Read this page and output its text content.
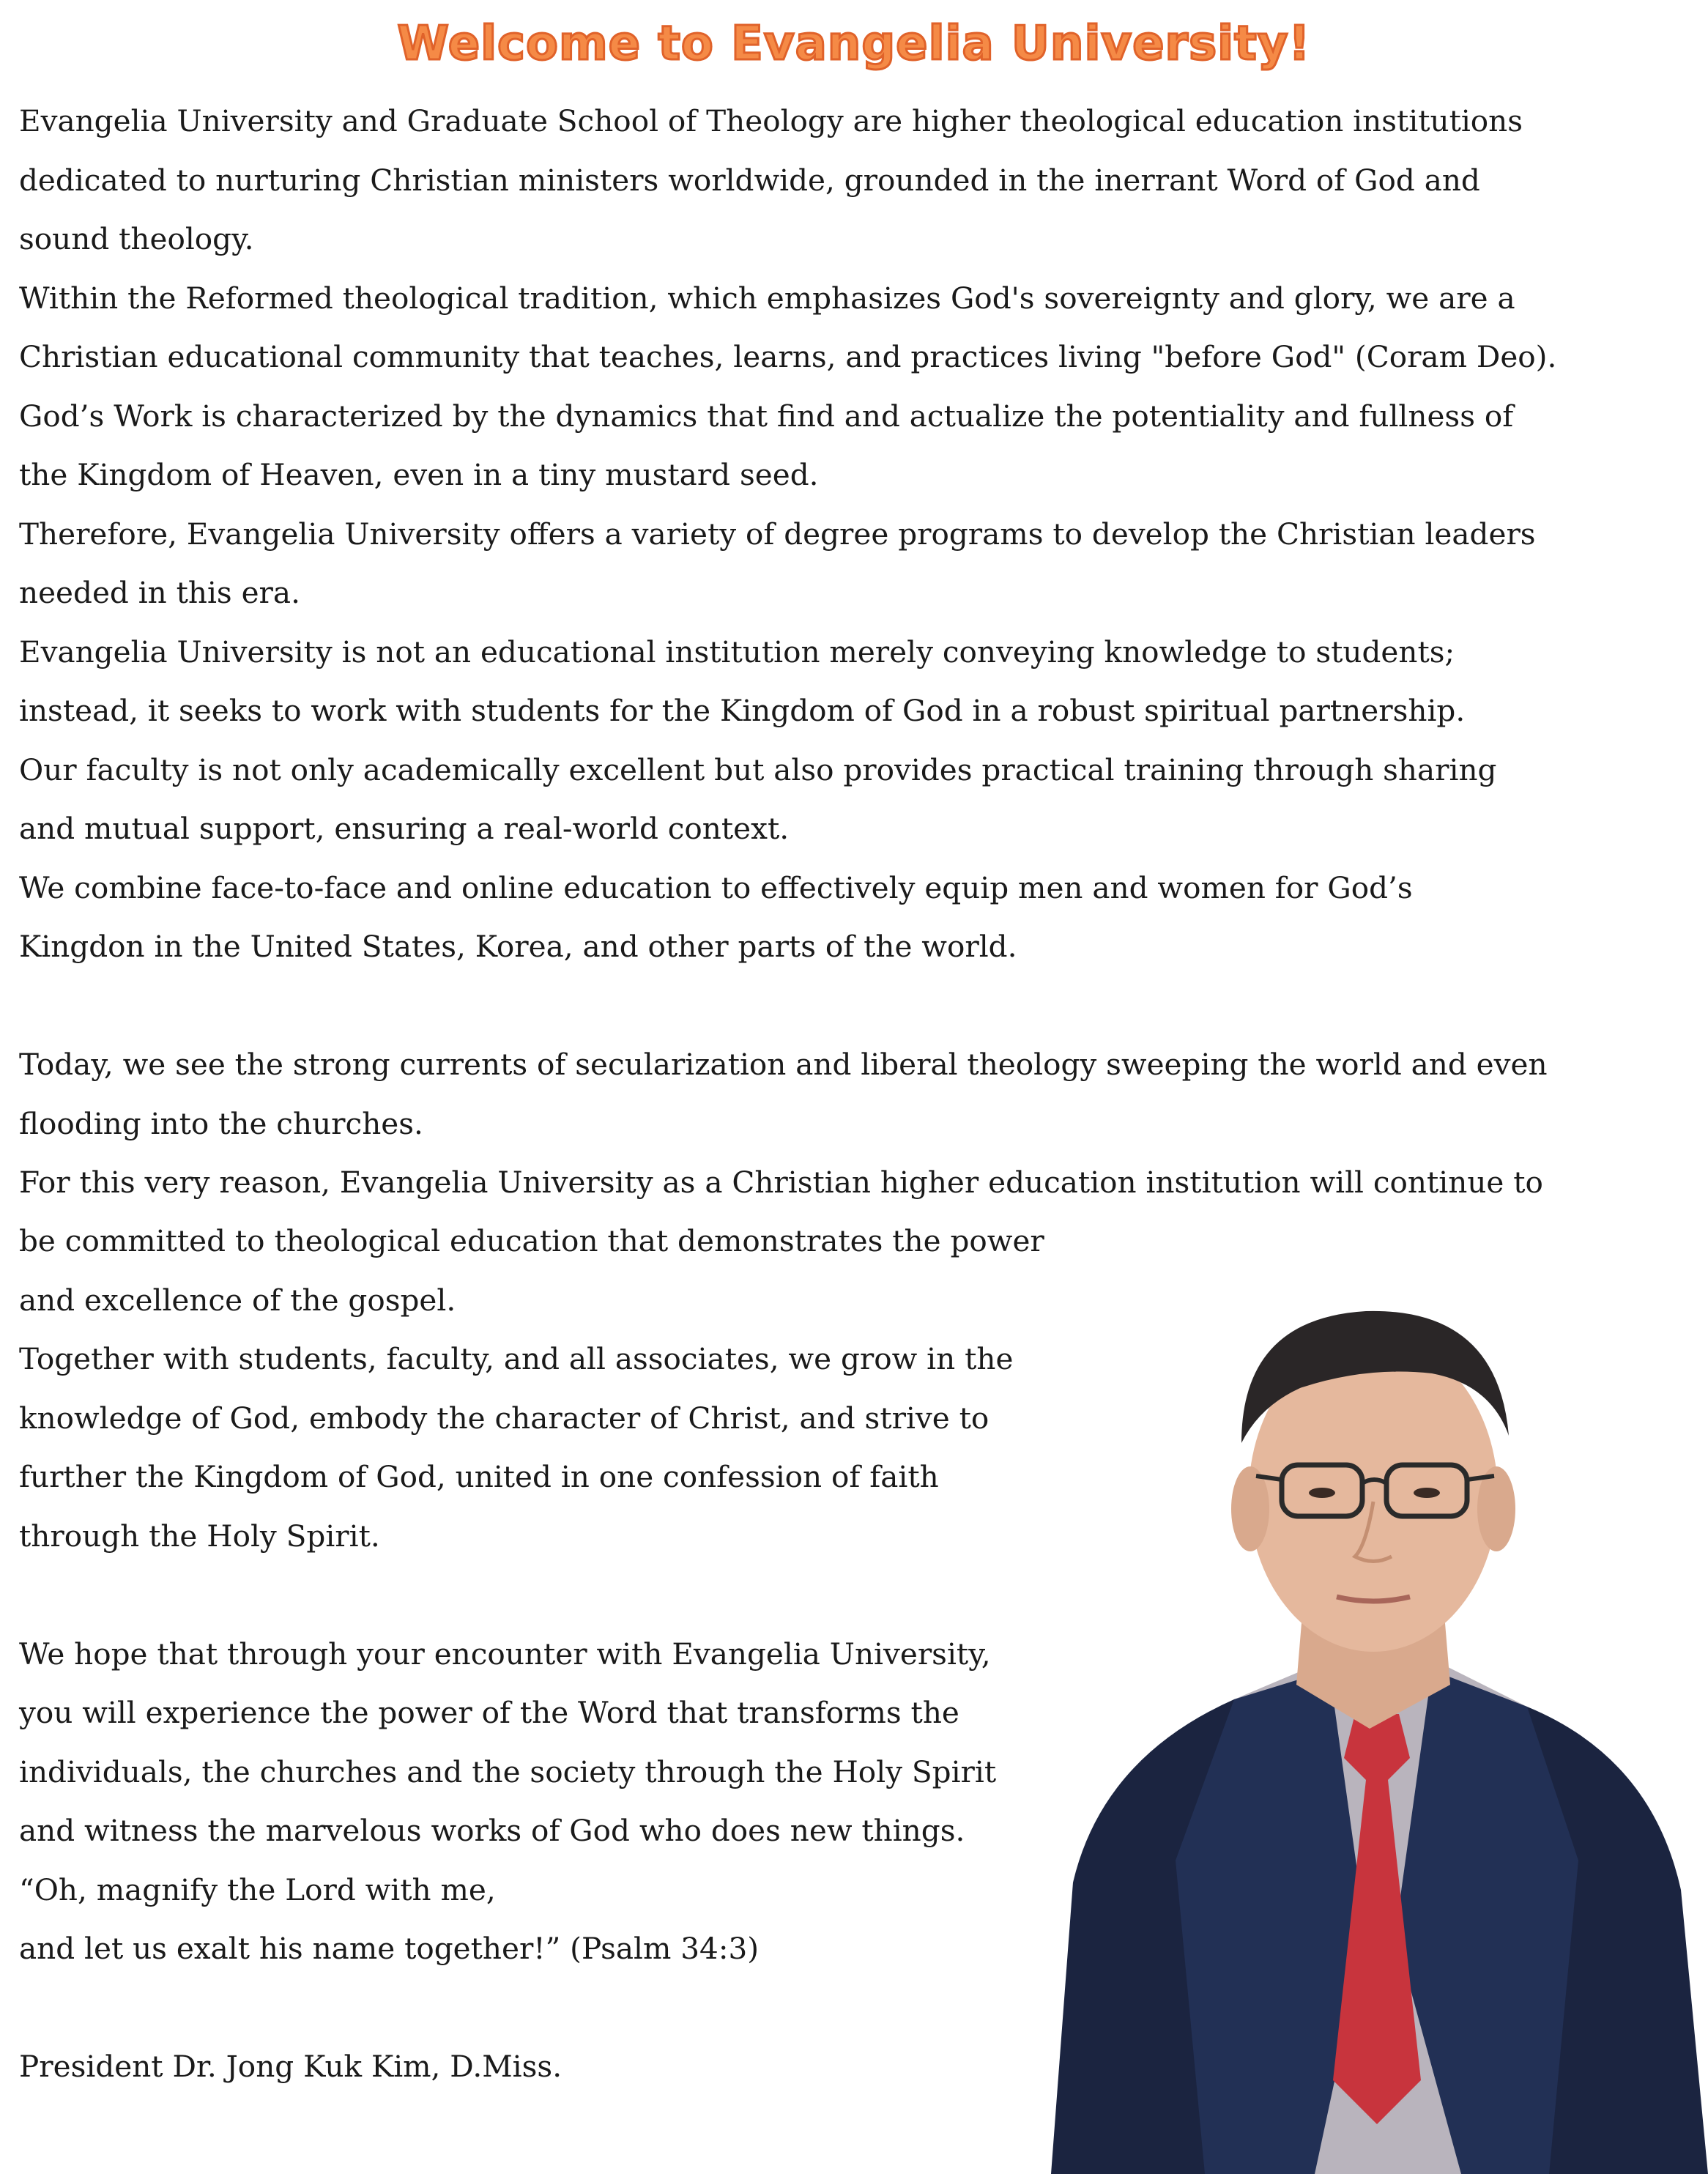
Welcome to Evangelia University!

Evangelia University and Graduate School of Theology are higher theological education institutions

dedicated to nurturing Christian ministers worldwide, grounded in the inerrant Word of God and

sound theology.

Within the Reformed theological tradition, which emphasizes God's sovereignty and glory, we are a

Christian educational community that teaches, learns, and practices living "before God" (Coram Deo).

God’s Work is characterized by the dynamics that find and actualize the potentiality and fullness of

the Kingdom of Heaven, even in a tiny mustard seed.

Therefore, Evangelia University offers a variety of degree programs to develop the Christian leaders

needed in this era.

Evangelia University is not an educational institution merely conveying knowledge to students;

instead, it seeks to work with students for the Kingdom of God in a robust spiritual partnership.

Our faculty is not only academically excellent but also provides practical training through sharing

and mutual support, ensuring a real-world context.

We combine face-to-face and online education to effectively equip men and women for God’s

Kingdon in the United States, Korea, and other parts of the world.

Today, we see the strong currents of secularization and liberal theology sweeping the world and even

flooding into the churches.

For this very reason, Evangelia University as a Christian higher education institution will continue to

be committed to theological education that demonstrates the power

and excellence of the gospel.

Together with students, faculty, and all associates, we grow in the

knowledge of God, embody the character of Christ, and strive to

further the Kingdom of God, united in one confession of faith

through the Holy Spirit.

We hope that through your encounter with Evangelia University,

you will experience the power of the Word that transforms the

individuals, the churches and the society through the Holy Spirit

and witness the marvelous works of God who does new things.

“Oh, magnify the Lord with me,

and let us exalt his name together!” (Psalm 34:3)

President Dr. Jong Kuk Kim, D.Miss.
